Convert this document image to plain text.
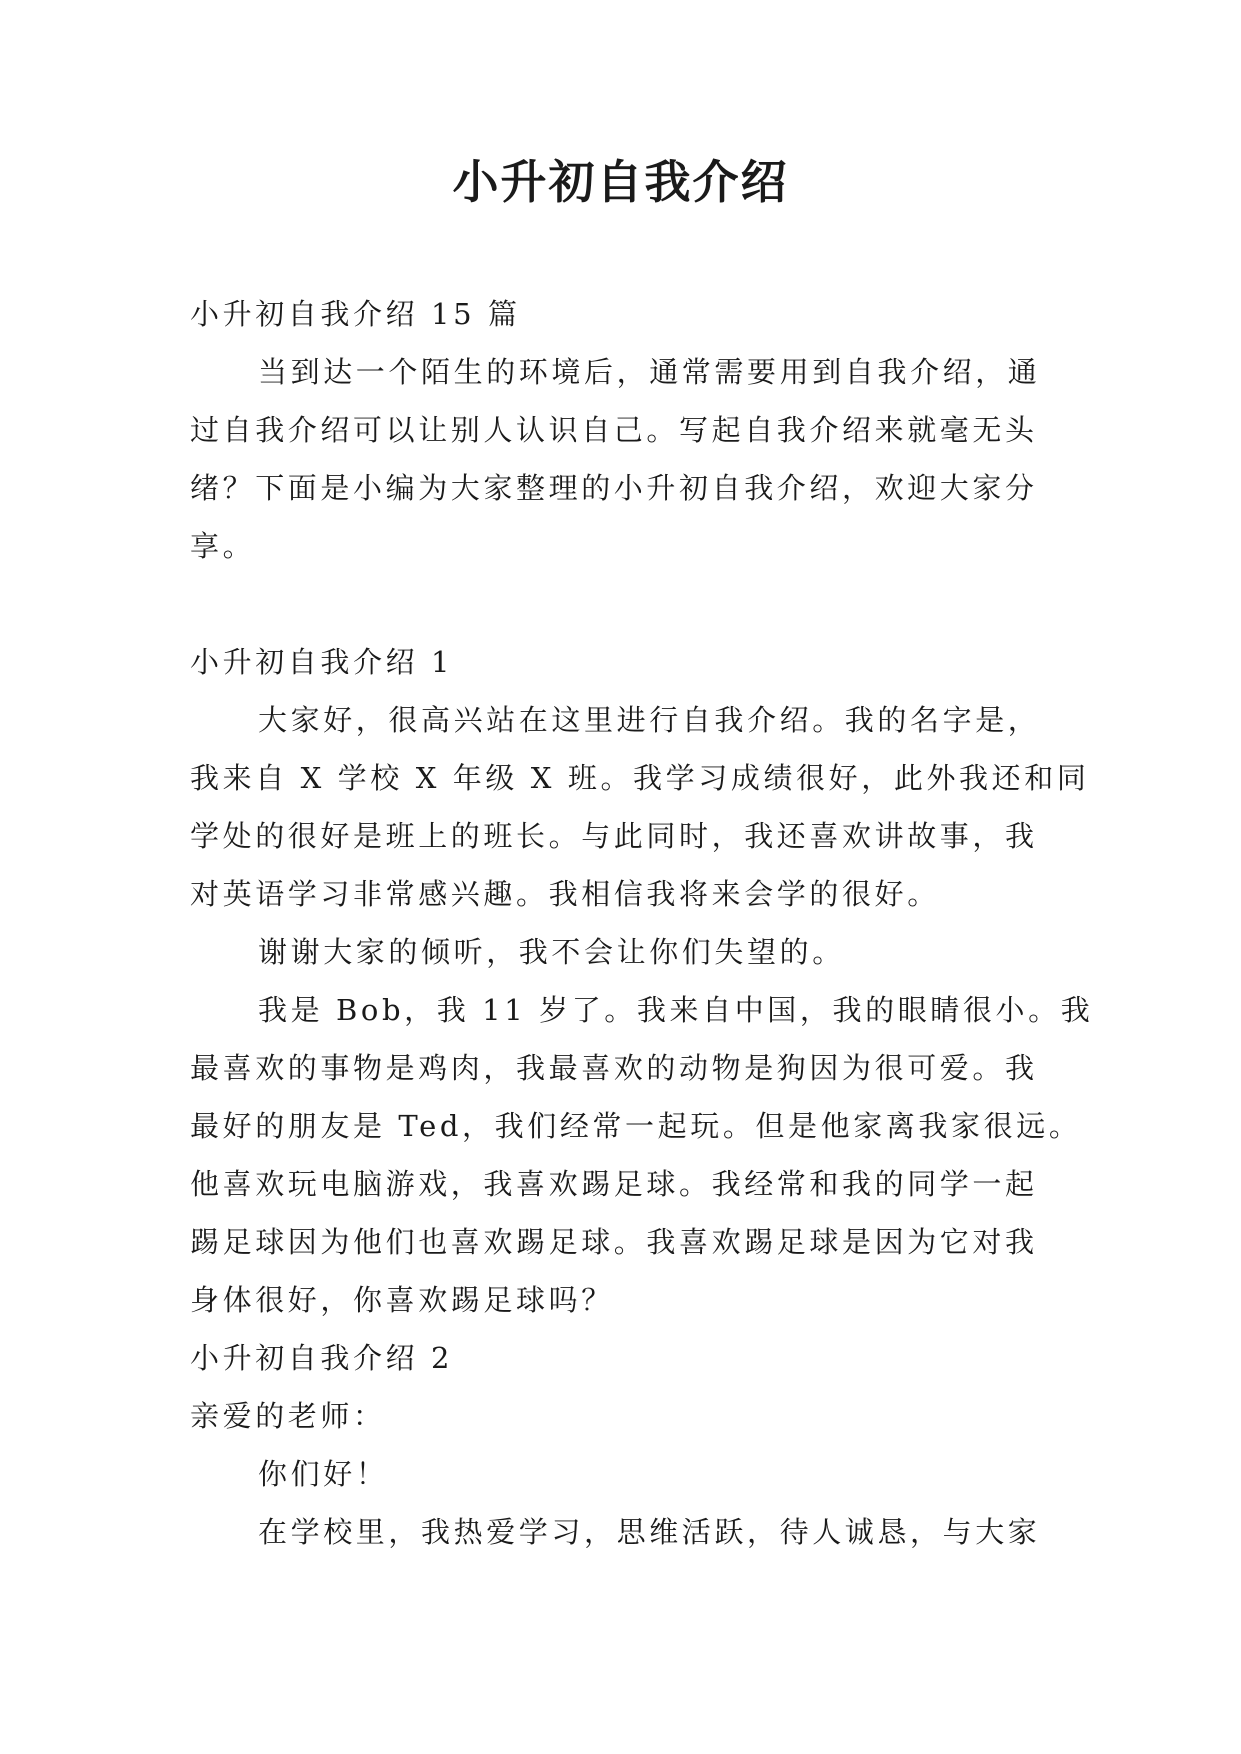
小升初自我介绍
小升初自我介绍 15 篇
当到达一个陌生的环境后，通常需要用到自我介绍，通
过自我介绍可以让别人认识自己。写起自我介绍来就毫无头
绪？下面是小编为大家整理的小升初自我介绍，欢迎大家分
享。
小升初自我介绍 1
大家好，很高兴站在这里进行自我介绍。我的名字是，
我来自 X 学校 X 年级 X 班。我学习成绩很好，此外我还和同
学处的很好是班上的班长。与此同时，我还喜欢讲故事，我
对英语学习非常感兴趣。我相信我将来会学的很好。
谢谢大家的倾听，我不会让你们失望的。
我是 Bob，我 11 岁了。我来自中国，我的眼睛很小。我
最喜欢的事物是鸡肉，我最喜欢的动物是狗因为很可爱。我
最好的朋友是 Ted，我们经常一起玩。但是他家离我家很远。
他喜欢玩电脑游戏，我喜欢踢足球。我经常和我的同学一起
踢足球因为他们也喜欢踢足球。我喜欢踢足球是因为它对我
身体很好，你喜欢踢足球吗？
小升初自我介绍 2
亲爱的老师：
你们好！
在学校里，我热爱学习，思维活跃，待人诚恳，与大家
